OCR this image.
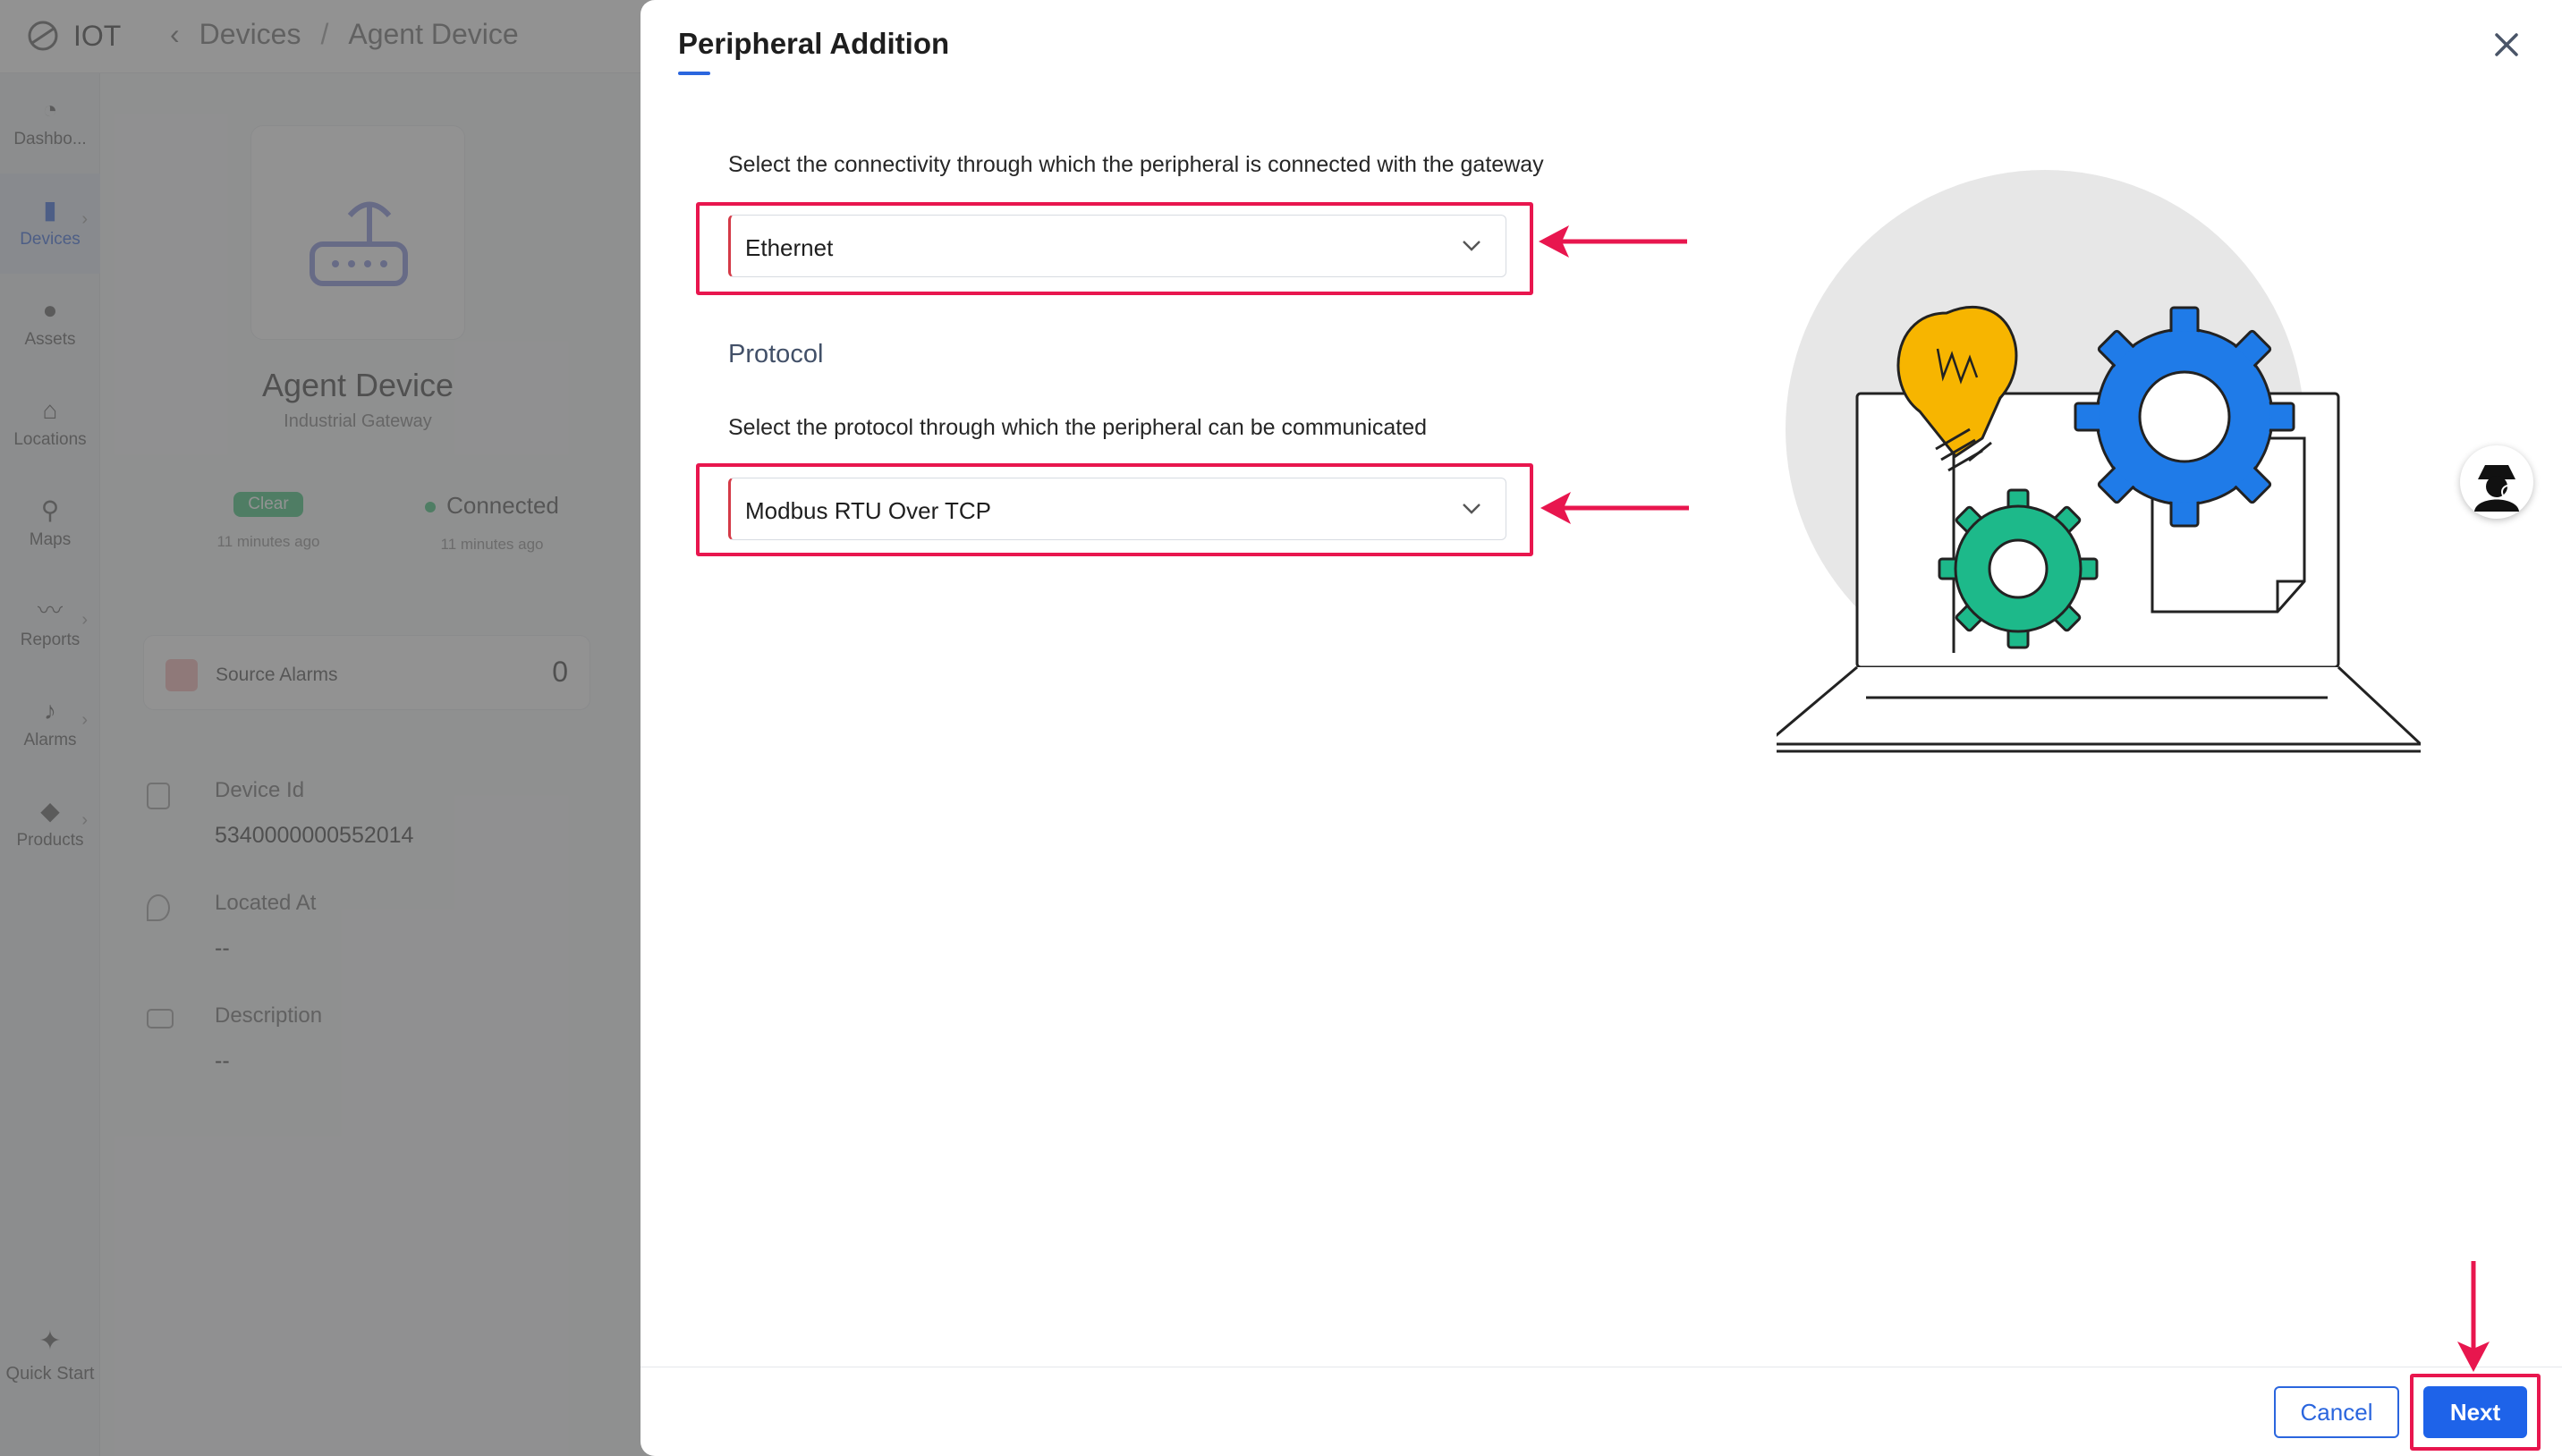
Peripheral Addition
Select the connectivity through which the peripheral is connected with the gateway
Ethernet
Protocol
Select the protocol through which the peripheral can be communicated
Modbus RTU Over TCP
Cancel	Next
